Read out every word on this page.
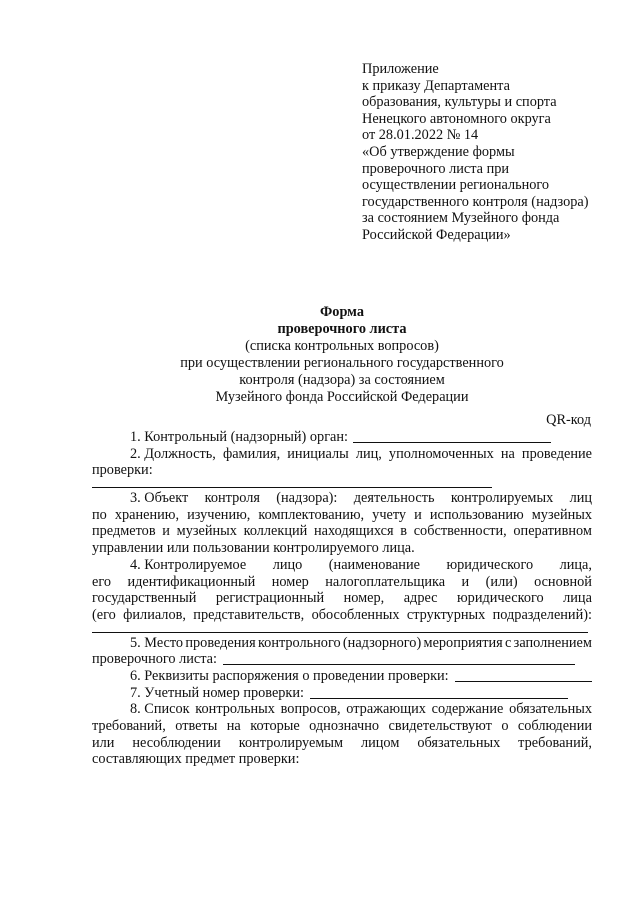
Приложение
к приказу Департамента
образования, культуры и спорта
Ненецкого автономного округа
от 28.01.2022 № 14
«Об утверждение формы
проверочного листа при
осуществлении регионального
государственного контроля (надзора)
за состоянием Музейного фонда
Российской Федерации»
Форма
проверочного листа
(списка контрольных вопросов)
при осуществлении регионального государственного
контроля (надзора) за состоянием
Музейного фонда Российской Федерации
QR-код
1. Контрольный (надзорный) орган:
2. Должность, фамилия, инициалы лиц, уполномоченных на проведение
проверки:
3. Объект контроля (надзора): деятельность контролируемых лиц
по хранению, изучению, комплектованию, учету и использованию музейных
предметов и музейных коллекций находящихся в собственности, оперативном
управлении или пользовании контролируемого лица.
4. Контролируемое лицо (наименование юридического лица,
его идентификационный номер налогоплательщика и (или) основной
государственный регистрационный номер, адрес юридического лица
(его филиалов, представительств, обособленных структурных подразделений):
5. Место проведения контрольного (надзорного) мероприятия с заполнением
проверочного листа:
6. Реквизиты распоряжения о проведении проверки:
7. Учетный номер проверки:
8. Список контрольных вопросов, отражающих содержание обязательных
требований, ответы на которые однозначно свидетельствуют о соблюдении
или несоблюдении контролируемым лицом обязательных требований,
составляющих предмет проверки:
